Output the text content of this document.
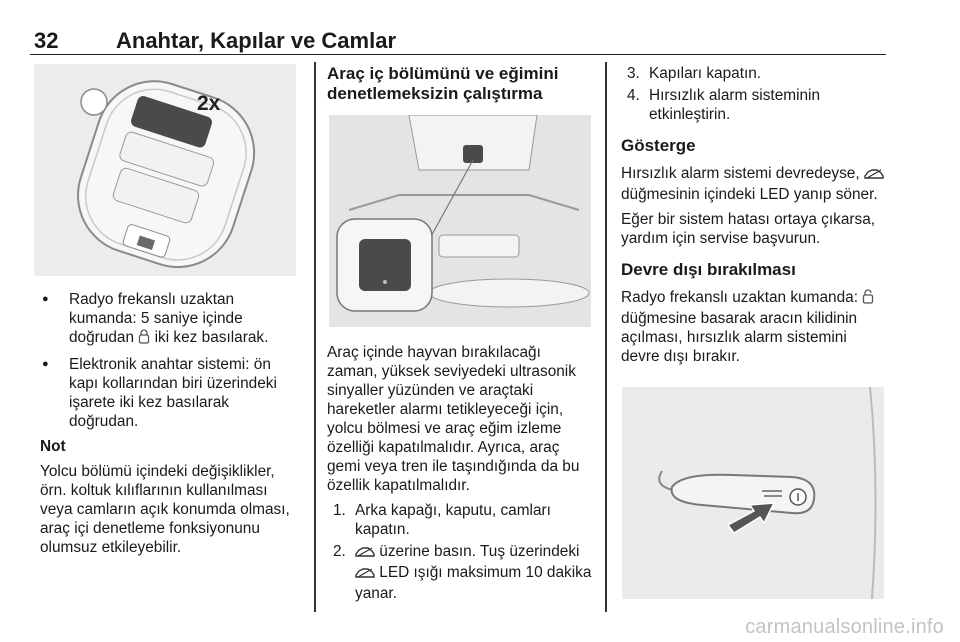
32	Anahtar, Kapılar ve Camlar
2x
● Radyo frekanslı uzaktan kumanda: 5 saniye içinde doğrudan  iki kez basılarak.
● Elektronik anahtar sistemi: ön kapı kollarından biri üzerindeki işarete iki kez basılarak doğrudan.

Not

Yolcu bölümü içindeki değişiklikler, örn. koltuk kılıflarının kullanılması veya camların açık konumda olması, araç içi denetleme fonksiyonunu olumsuz etkileyebilir.

Araç iç bölümünü ve eğimini denetlemeksizin çalıştırma

Araç içinde hayvan bırakılacağı zaman, yüksek seviyedeki ultrasonik sinyaller yüzünden ve araçtaki hareketler alarmı tetikleyeceği için, yolcu bölmesi ve araç eğim izleme özelliği kapatılmalıdır. Ayrıca, araç gemi veya tren ile taşındığında da bu özellik kapatılmalıdır.

1. Arka kapağı, kaputu, camları kapatın.
2. üzerine basın. Tuş üzerindeki  LED ışığı maksimum 10 dakika yanar.
3. Kapıları kapatın.
4. Hırsızlık alarm sisteminin etkinleştirin.
Gösterge

Hırsızlık alarm sistemi devredeyse,  düğmesinin içindeki LED yanıp söner.

Eğer bir sistem hatası ortaya çıkarsa, yardım için servise başvurun.

Devre dışı bırakılması

Radyo frekanslı uzaktan kumanda:  düğmesine basarak aracın kilidinin açılması, hırsızlık alarm sistemini devre dışı bırakır.

carmanualsonline.info
